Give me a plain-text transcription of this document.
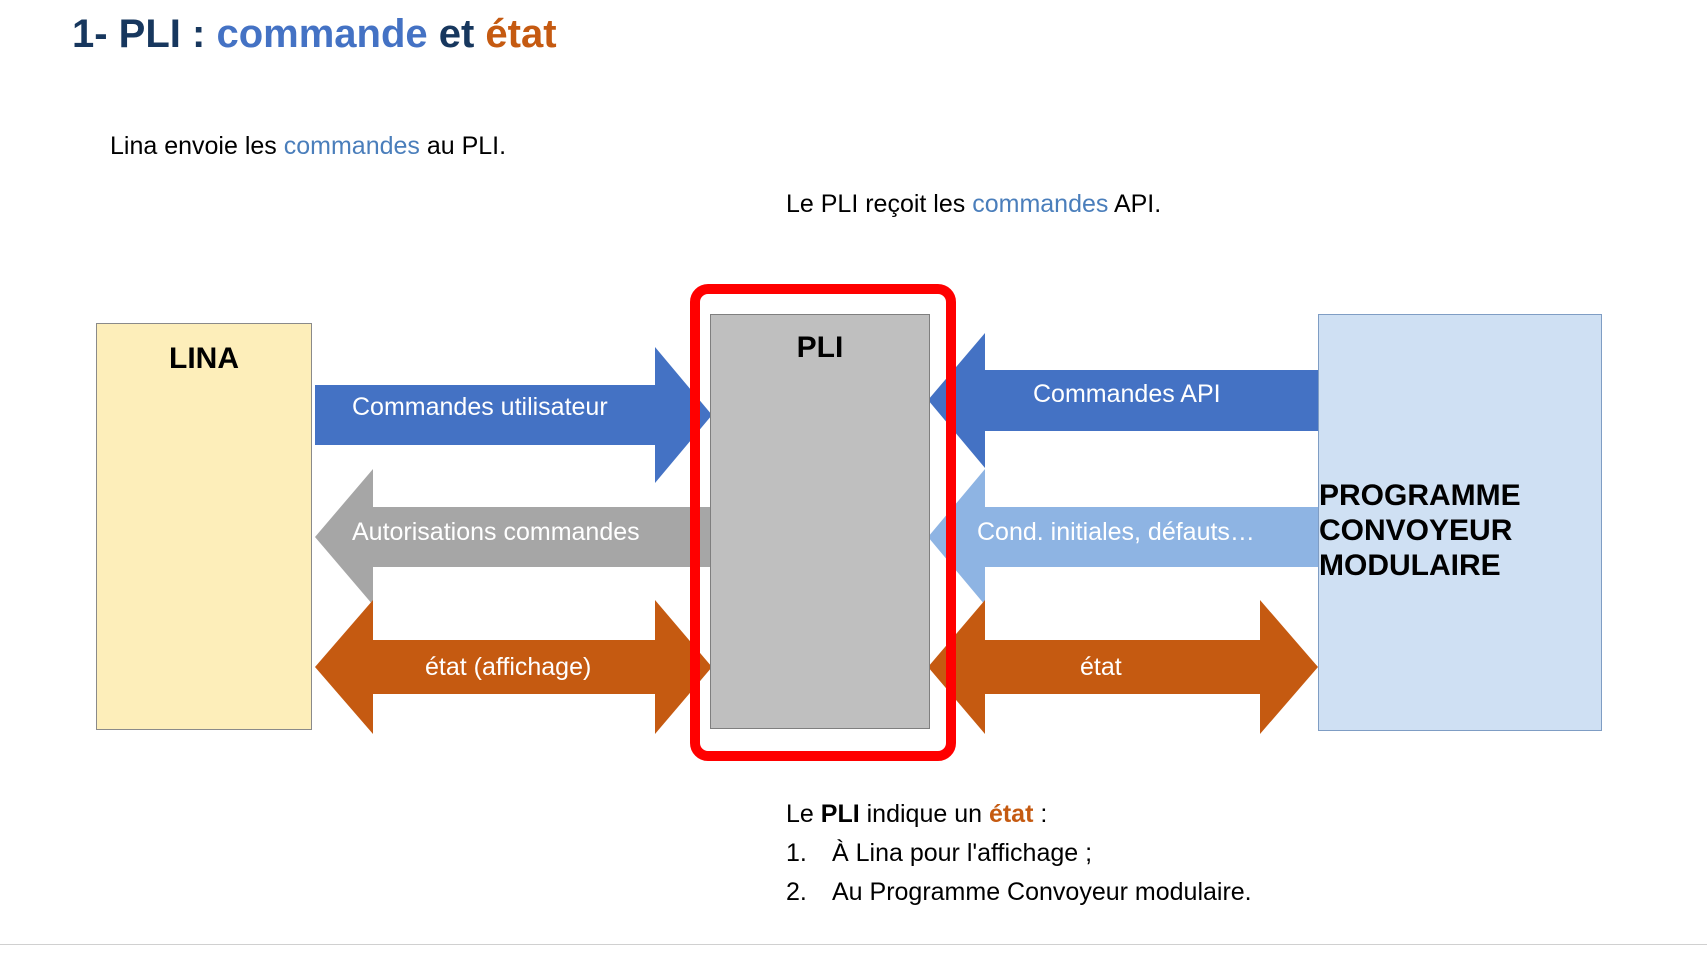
1- PLI : commande et état
Lina envoie les commandes au PLI.
Le PLI reçoit les commandes API.
LINA	PLI
PROGRAMME
CONVOYEUR
MODULAIRE
Commandes utilisateur
Autorisations commandes
état (affichage)
Commandes API
Cond. initiales, défauts…
état
Le PLI indique un état :
1. À Lina pour l'affichage ;
2. Au Programme Convoyeur modulaire.
